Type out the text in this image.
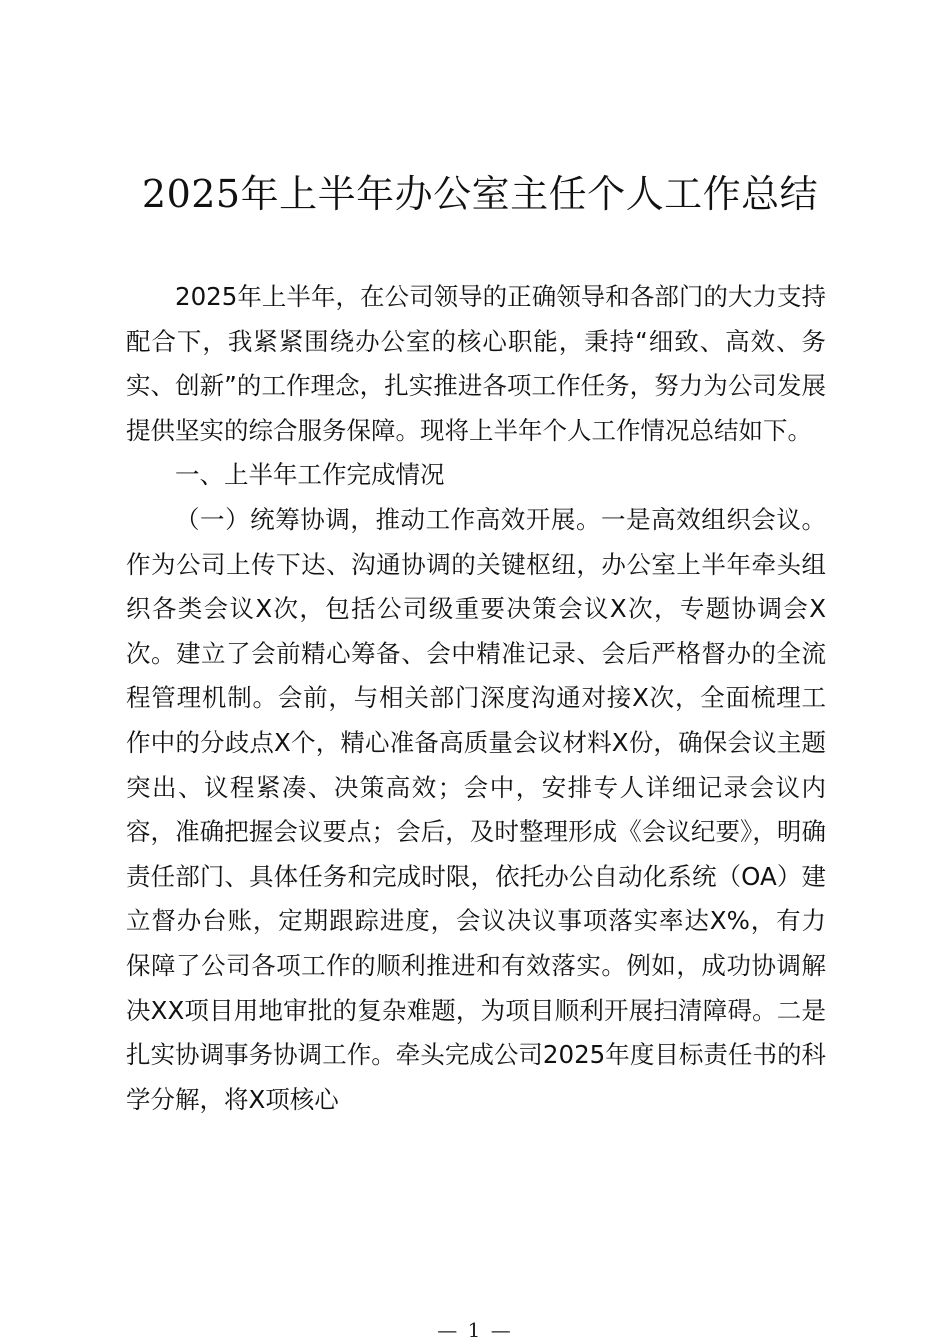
2025年上半年办公室主任个人工作总结

2025年上半年，在公司领导的正确领导和各部门的大力支持配合下，我紧紧围绕办公室的核心职能，秉持“细致、高效、务实、创新”的工作理念，扎实推进各项工作任务，努力为公司发展提供坚实的综合服务保障。现将上半年个人工作情况总结如下。

一、上半年工作完成情况

（一）统筹协调，推动工作高效开展。一是高效组织会议。作为公司上传下达、沟通协调的关键枢纽，办公室上半年牵头组织各类会议X次，包括公司级重要决策会议X次，专题协调会X次。建立了会前精心筹备、会中精准记录、会后严格督办的全流程管理机制。会前，与相关部门深度沟通对接X次，全面梳理工作中的分歧点X个，精心准备高质量会议材料X份，确保会议主题突出、议程紧凑、决策高效；会中，安排专人详细记录会议内容，准确把握会议要点；会后，及时整理形成《会议纪要》，明确责任部门、具体任务和完成时限，依托办公自动化系统（OA）建立督办台账，定期跟踪进度，会议决议事项落实率达X%，有力保障了公司各项工作的顺利推进和有效落实。例如，成功协调解决XX项目用地审批的复杂难题，为项目顺利开展扫清障碍。二是扎实协调事务协调工作。牵头完成公司2025年度目标责任书的科学分解，将X项核心

— 1 —
